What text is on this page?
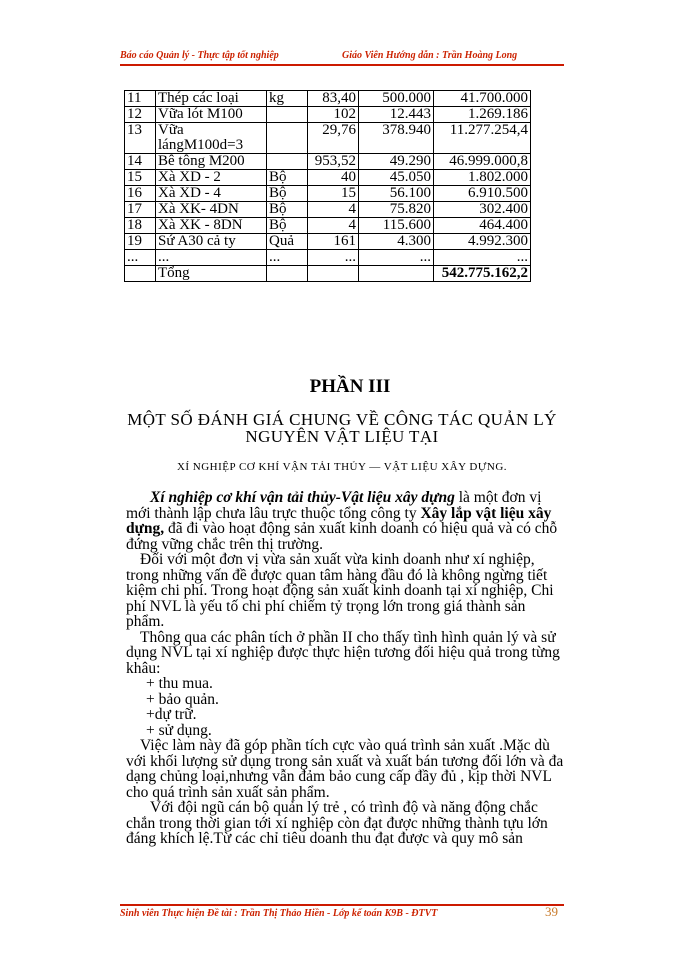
Báo cáo Quản lý - Thực tập tốt nghiệp	Giáo Viên Hướng dẫn : Trần Hoàng Long
11	Thép các loại	kg	83,40	500.000	41.700.000
12	Vữa lót M100		102	12.443	1.269.186
13	Vữa lángM100d=3		29,76	378.940	11.277.254,4
14	Bê tông M200		953,52	49.290	46.999.000,8
15	Xà XD - 2	Bộ	40	45.050	1.802.000
16	Xà XD - 4	Bộ	15	56.100	6.910.500
17	Xà XK- 4DN	Bộ	4	75.820	302.400
18	Xà XK - 8DN	Bộ	4	115.600	464.400
19	Sứ A30 cả ty	Quả	161	4.300	4.992.300
...	...	...	...	...	...
	Tổng				542.775.162,2
PHẦN III
MỘT SỐ ĐÁNH GIÁ CHUNG VỀ CÔNG TÁC QUẢN LÝ NGUYÊN VẬT LIỆU TẠI
XÍ NGHIỆP CƠ KHÍ VẬN TẢI THỦY — VẬT LIỆU XÂY DỰNG.

Xí nghiệp cơ khí vận tải thủy-Vật liệu xây dựng là một đơn vị mới thành lập chưa lâu trực thuộc tổng công ty Xây lắp vật liệu xây dựng, đã đi vào hoạt động sản xuất kinh doanh có hiệu quả và có chỗ đứng vững chắc trên thị trường.

Đối với một đơn vị vừa sản xuất vừa kinh doanh như xí nghiệp, trong những vấn đề được quan tâm hàng đầu đó là không ngừng tiết kiệm chi phí. Trong hoạt động sản xuất kinh doanh tại xí nghiệp, Chi phí NVL là yếu tố chi phí chiếm tỷ trọng lớn trong giá thành sản phẩm.

Thông qua các phân tích ở phần II cho thấy tình hình quản lý và sử dụng NVL tại xí nghiệp được thực hiện tương đối hiệu quả trong từng khâu:

+ thu mua.

+ bảo quản.

+dự trữ.

+ sử dụng.

Việc làm này đã góp phần tích cực vào quá trình sản xuất .Mặc dù với khối lượng sử dụng trong sản xuất và xuất bán tương đối lớn và đa dạng chủng loại,nhưng vẫn đảm bảo cung cấp đầy đủ , kịp thời NVL cho quá trình sản xuất sản phẩm.

Với đội ngũ cán bộ quản lý trẻ , có trình độ và năng động chắc chắn trong thời gian tới xí nghiệp còn đạt được những thành tựu lớn đáng khích lệ.Từ các chỉ tiêu doanh thu đạt được và quy mô sản

Sinh viên Thực hiện Đề tài : Trần Thị Thảo Hiền - Lớp kế toán K9B - ĐTVT	39
